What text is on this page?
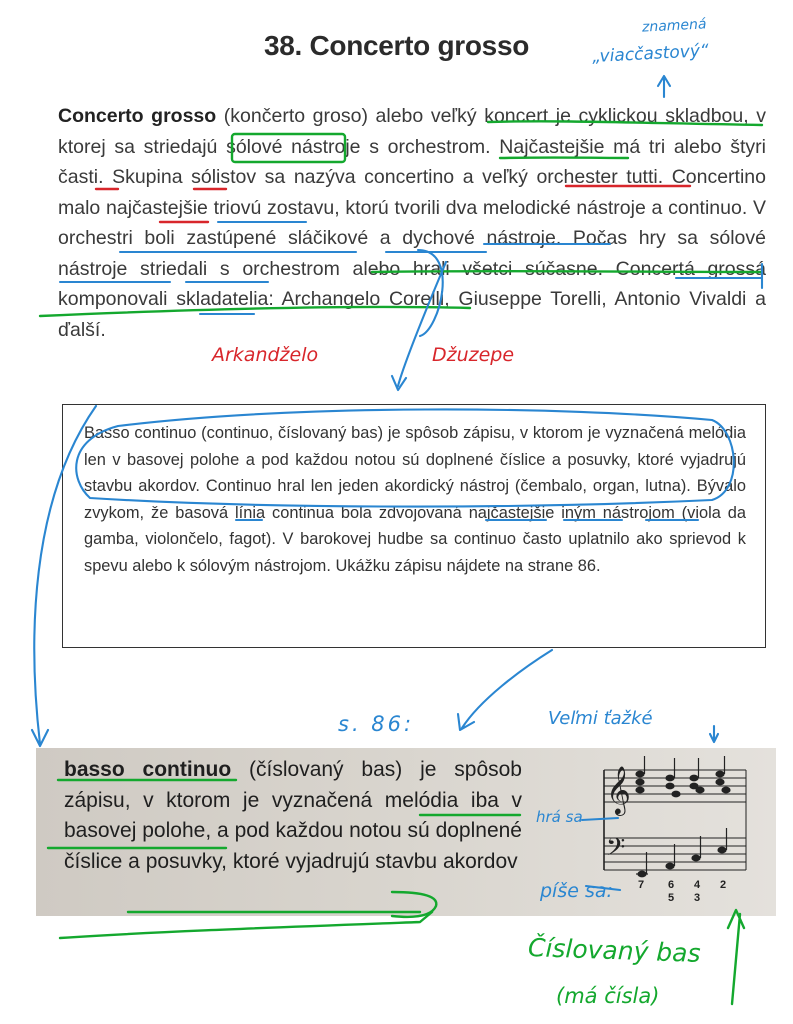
38. Concerto grosso
Concerto grosso (končerto groso) alebo veľký koncert je cyklickou skladbou, v ktorej sa striedajú sólové nástroje s orchestrom. Najčastejšie má tri alebo štyri časti. Skupina sólistov sa nazýva concertino a veľký orchester tutti. Concertino malo najčastejšie triovú zostavu, ktorú tvorili dva melodické nástroje a continuo. V orchestri boli zastúpené sláčikové a dychové nástroje. Počas hry sa sólové nástroje striedali s orchestrom alebo hrali všetci súčasne. Concertá grossá komponovali skladatelia: Archangelo Corelli, Giuseppe Torelli, Antonio Vivaldi a ďalší.
Basso continuo (continuo, číslovaný bas) je spôsob zápisu, v ktorom je vyznačená melódia len v basovej polohe a pod každou notou sú doplnené číslice a posuvky, ktoré vyjadrujú stavbu akordov. Continuo hral len jeden akordický nástroj (čembalo, organ, lutna). Bývalo zvykom, že basová línia continua bola zdvojovaná najčastejšie iným nástrojom (viola da gamba, violončelo, fagot). V barokovej hudbe sa continuo často uplatnilo ako sprievod k spevu alebo k sólovým nástrojom. Ukážku zápisu nájdete na strane 86.
basso continuo (číslovaný bas) je spôsob zápisu, v ktorom je vyznačená melódia iba v basovej polohe, a pod každou notou sú doplnené číslice a posuvky, ktoré vyjadrujú stavbu akordov
𝄞
𝄢
7 6
5
4
3
2
znamená
„viacčastový“
Arkandželo	Džuzepe
s. 86:	Veľmi ťažké
hrá sa
píše sa:
Číslovaný bas
(má čísla)
